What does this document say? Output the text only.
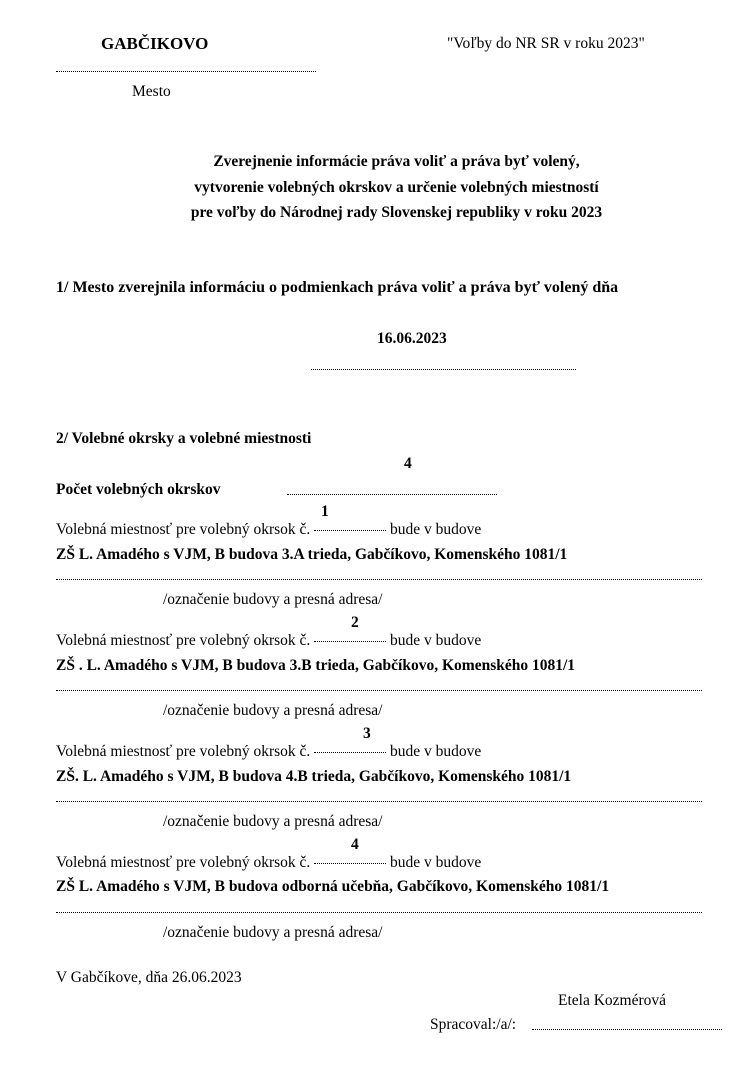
GABČIKOVO	"Voľby do NR SR v roku 2023"
Mesto
Zverejnenie informácie práva voliť a práva byť volený,
vytvorenie volebných okrskov a určenie volebných miestností
pre voľby do Národnej rady Slovenskej republiky v roku 2023
1/ Mesto zverejnila informáciu o podmienkach práva voliť a práva byť volený dňa
16.06.2023
2/ Volebné okrsky a volebné miestnosti
4
Počet volebných okrskov
1
Volebná miestnosť pre volebný okrsok č.	bude v budove
ZŠ L. Amadého s VJM, B budova 3.A trieda, Gabčíkovo, Komenského 1081/1
/označenie budovy a presná adresa/
2
Volebná miestnosť pre volebný okrsok č.	bude v budove
ZŠ . L. Amadého s VJM, B budova 3.B trieda, Gabčíkovo, Komenského 1081/1
/označenie budovy a presná adresa/
3
Volebná miestnosť pre volebný okrsok č.	bude v budove
ZŠ. L. Amadého s VJM, B budova 4.B trieda, Gabčíkovo, Komenského 1081/1
/označenie budovy a presná adresa/
4
Volebná miestnosť pre volebný okrsok č.	bude v budove
ZŠ L. Amadého s VJM, B budova odborná učebňa, Gabčíkovo, Komenského 1081/1
/označenie budovy a presná adresa/
V Gabčíkove, dňa 26.06.2023
Etela Kozmérová
Spracoval:/a/:
